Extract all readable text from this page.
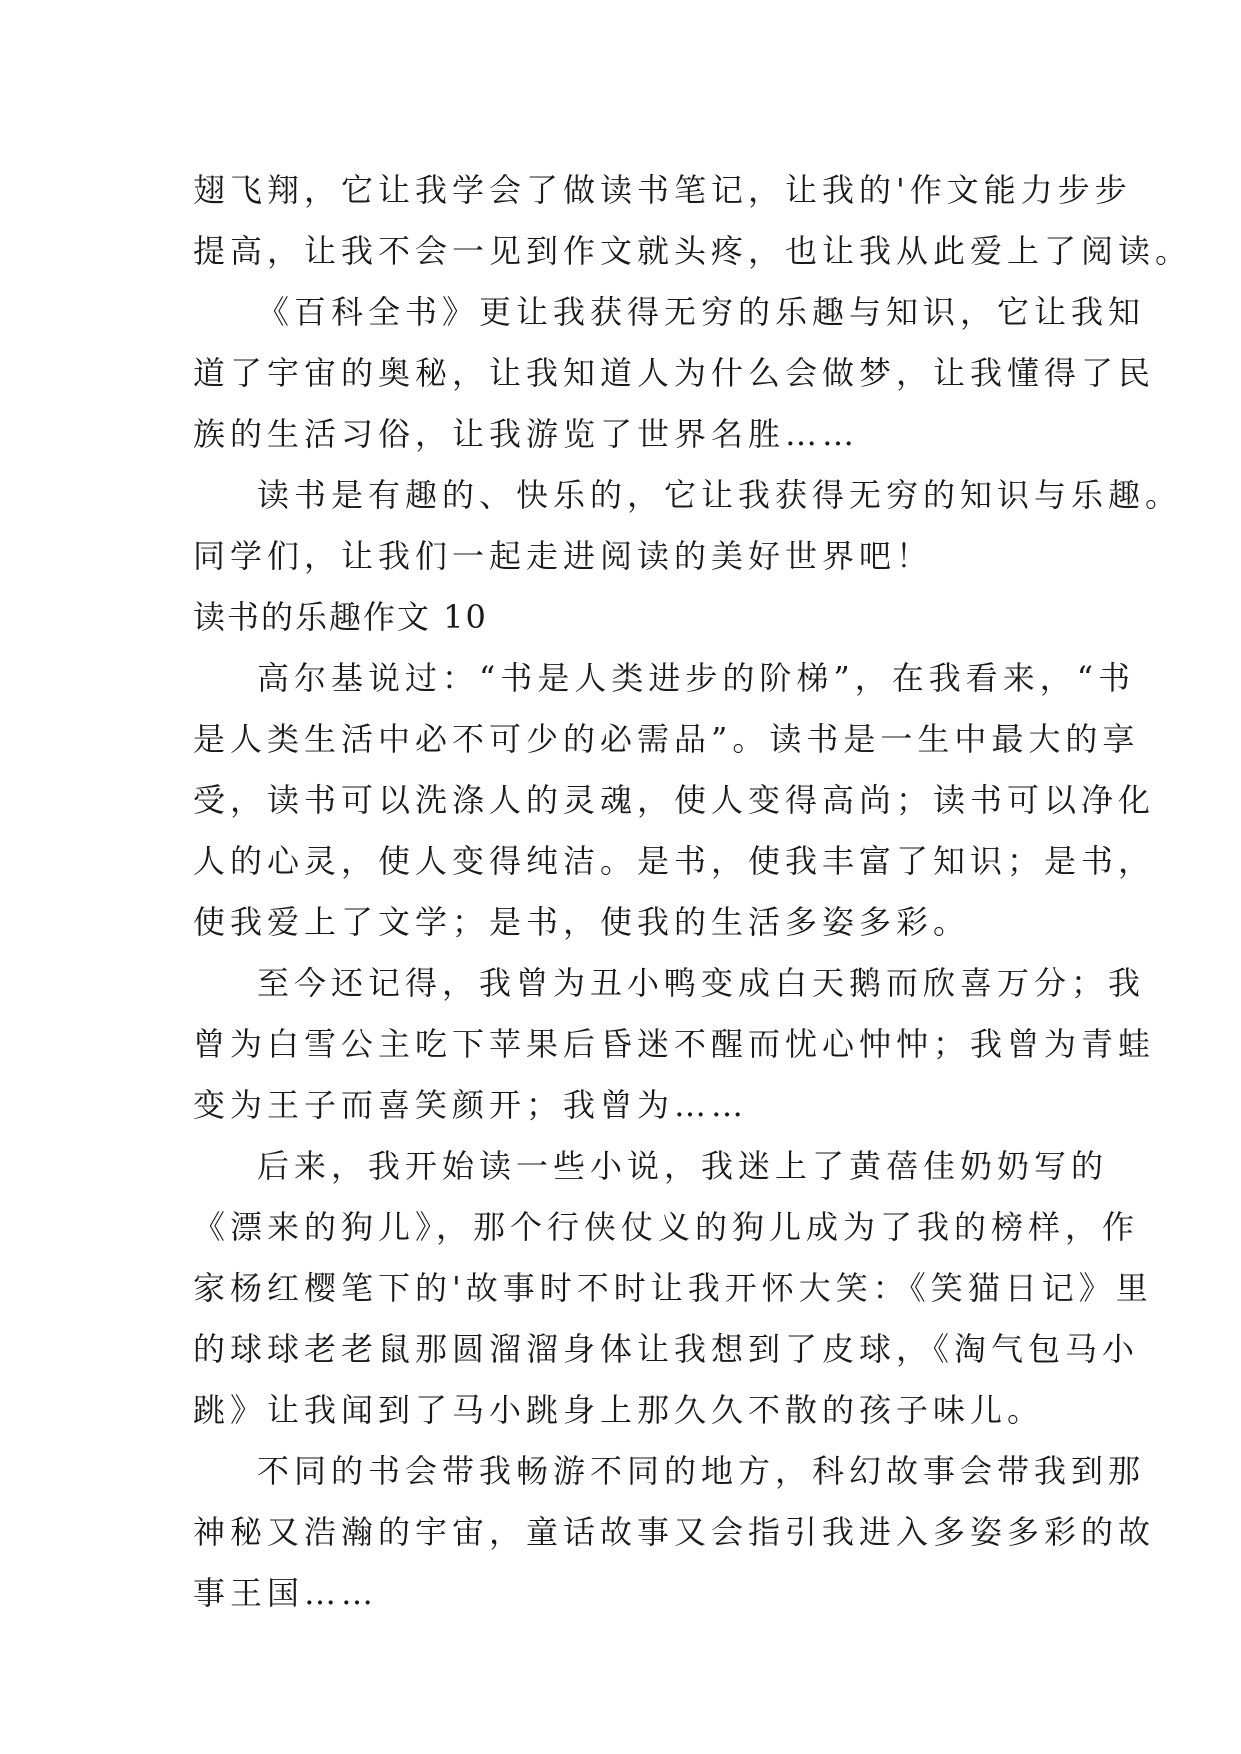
翅飞翔，它让我学会了做读书笔记，让我的'作文能力步步
提高，让我不会一见到作文就头疼，也让我从此爱上了阅读。
《百科全书》更让我获得无穷的乐趣与知识，它让我知
道了宇宙的奥秘，让我知道人为什么会做梦，让我懂得了民
族的生活习俗，让我游览了世界名胜……
读书是有趣的、快乐的，它让我获得无穷的知识与乐趣。
同学们，让我们一起走进阅读的美好世界吧！
读书的乐趣作文 10
高尔基说过：“书是人类进步的阶梯”，在我看来，“书
是人类生活中必不可少的必需品”。读书是一生中最大的享
受，读书可以洗涤人的灵魂，使人变得高尚；读书可以净化
人的心灵，使人变得纯洁。是书，使我丰富了知识；是书，
使我爱上了文学；是书，使我的生活多姿多彩。
至今还记得，我曾为丑小鸭变成白天鹅而欣喜万分；我
曾为白雪公主吃下苹果后昏迷不醒而忧心忡忡；我曾为青蛙
变为王子而喜笑颜开；我曾为……
后来，我开始读一些小说，我迷上了黄蓓佳奶奶写的
《漂来的狗儿》，那个行侠仗义的狗儿成为了我的榜样，作
家杨红樱笔下的'故事时不时让我开怀大笑：《笑猫日记》里
的球球老老鼠那圆溜溜身体让我想到了皮球，《淘气包马小
跳》让我闻到了马小跳身上那久久不散的孩子味儿。
不同的书会带我畅游不同的地方，科幻故事会带我到那
神秘又浩瀚的宇宙，童话故事又会指引我进入多姿多彩的故
事王国……
